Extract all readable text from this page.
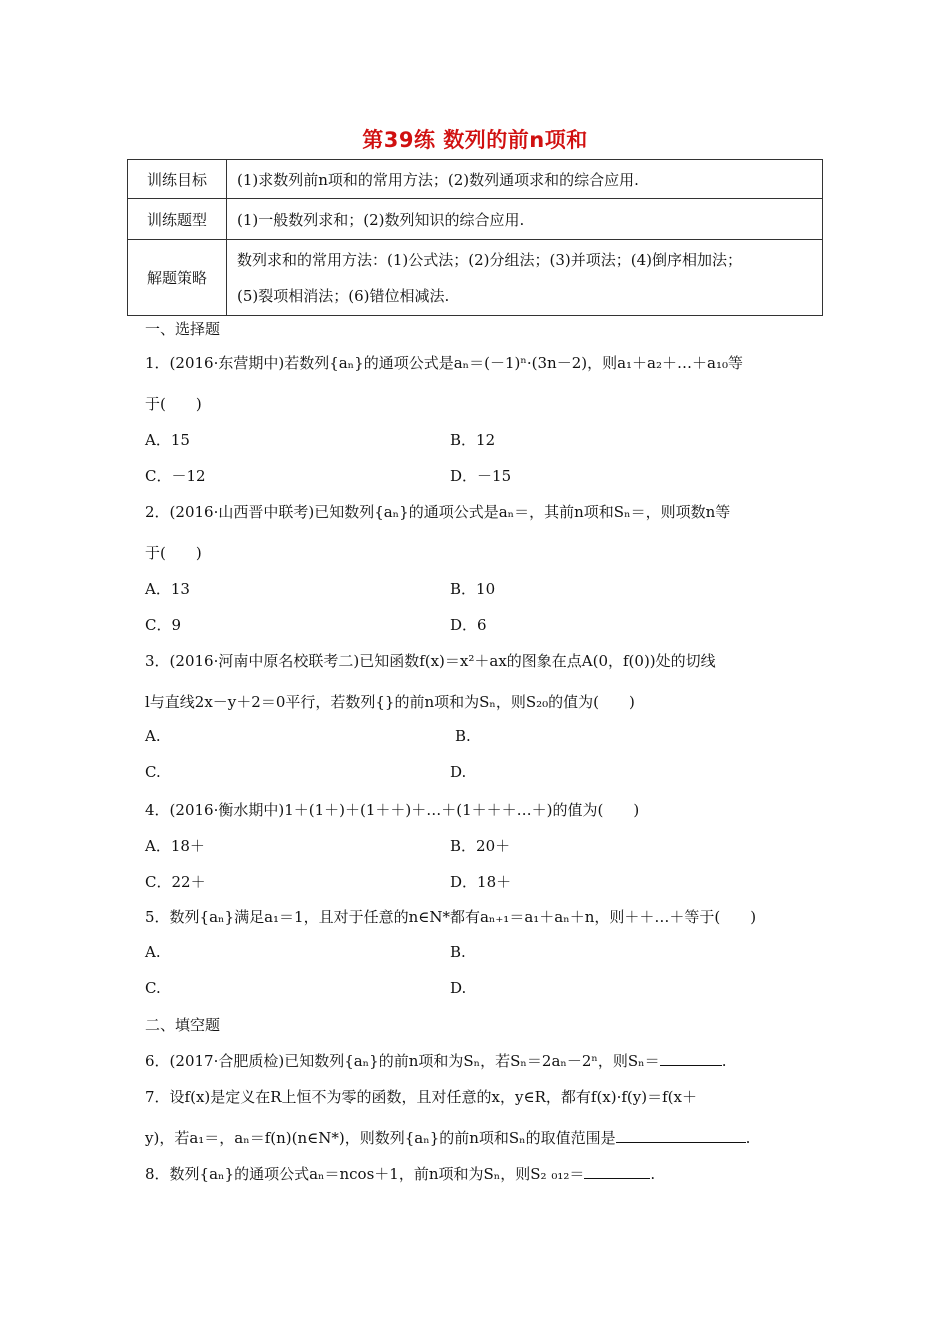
第39练 数列的前n项和
训练目标	(1)求数列前n项和的常用方法；(2)数列通项求和的综合应用.
训练题型	(1)一般数列求和；(2)数列知识的综合应用.
解题策略	数列求和的常用方法：(1)公式法；(2)分组法；(3)并项法；(4)倒序相加法；
(5)裂项相消法；(6)错位相减法.
一、选择题
1．(2016·东营期中)若数列{aₙ}的通项公式是aₙ＝(－1)ⁿ·(3n－2)，则a₁＋a₂＋…＋a₁₀等
于(　　)
A．15	B．12
C．－12	D．－15
2．(2016·山西晋中联考)已知数列{aₙ}的通项公式是aₙ＝，其前n项和Sₙ＝，则项数n等
于(　　)
A．13	B．10
C．9	D．6
3．(2016·河南中原名校联考二)已知函数f(x)＝x²＋ax的图象在点A(0，f(0))处的切线
l与直线2x－y＋2＝0平行，若数列{}的前n项和为Sₙ，则S₂₀的值为(　　)
A.	B.
C.	D.
4．(2016·衡水期中)1＋(1＋)＋(1＋＋)＋…＋(1＋＋＋…＋)的值为(　　)
A．18＋	B．20＋
C．22＋	D．18＋
5．数列{aₙ}满足a₁＝1，且对于任意的n∈N*都有aₙ₊₁＝a₁＋aₙ＋n，则＋＋…＋等于(　　)
A.	B.
C.	D.
二、填空题
6．(2017·合肥质检)已知数列{aₙ}的前n项和为Sₙ，若Sₙ＝2aₙ－2ⁿ，则Sₙ＝	.
7．设f(x)是定义在R上恒不为零的函数，且对任意的x，y∈R，都有f(x)·f(y)＝f(x＋
y)，若a₁＝，aₙ＝f(n)(n∈N*)，则数列{aₙ}的前n项和Sₙ的取值范围是	.
8．数列{aₙ}的通项公式aₙ＝ncos＋1，前n项和为Sₙ，则S₂ ₀₁₂＝	.
